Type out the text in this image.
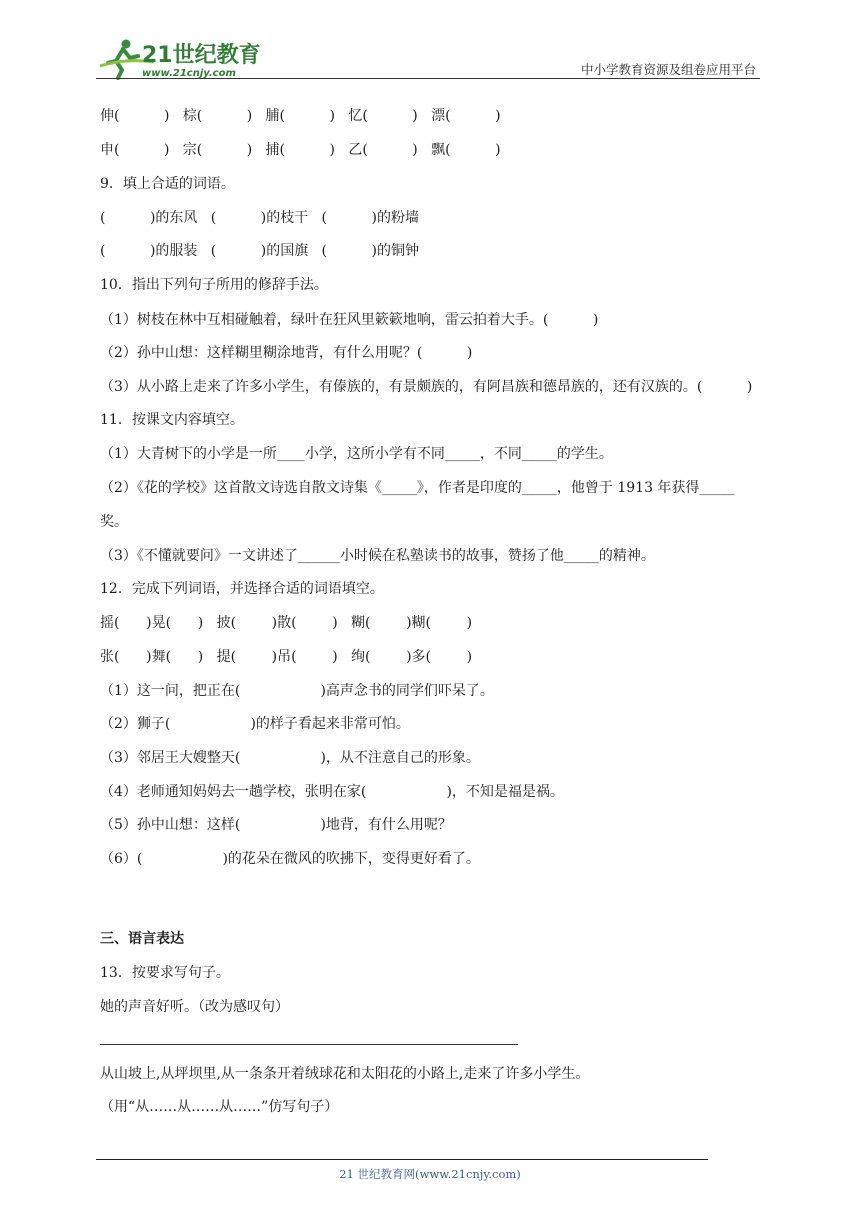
21世纪教育
www.21cnjy.com	中小学教育资源及组卷应用平台
伸(          )   棕(          )   脯(          )   忆(          )   漂(          )
申(          )   宗(          )   捕(          )   乙(          )   飘(          )
9．填上合适的词语。
(          )的东风   (          )的枝干   (          )的粉墙
(          )的服装   (          )的国旗   (          )的铜钟
10．指出下列句子所用的修辞手法。
（1）树枝在林中互相碰触着，绿叶在狂风里簌簌地响，雷云拍着大手。(          )
（2）孙中山想：这样糊里糊涂地背，有什么用呢？(          )
（3）从小路上走来了许多小学生，有傣族的，有景颇族的，有阿昌族和德昂族的，还有汉族的。(          )
11．按课文内容填空。
（1）大青树下的小学是一所____小学，这所小学有不同_____，不同_____的学生。
（2）《花的学校》这首散文诗选自散文诗集《_____》，作者是印度的_____，他曾于 1913 年获得_____
奖。
（3）《不懂就要问》一文讲述了______小时候在私塾读书的故事，赞扬了他_____的精神。
12．完成下列词语，并选择合适的词语填空。
摇(      )晃(      )   披(        )散(        )   糊(        )糊(        )
张(      )舞(      )   提(        )吊(        )   绚(        )多(        )
（1）这一问，把正在(                  )高声念书的同学们吓呆了。
（2）狮子(                  )的样子看起来非常可怕。
（3）邻居王大嫂整天(                  )，从不注意自己的形象。
（4）老师通知妈妈去一趟学校，张明在家(                  )，不知是福是祸。
（5）孙中山想：这样(                  )地背，有什么用呢？
（6）(                  )的花朵在微风的吹拂下，变得更好看了。
三、语言表达
13．按要求写句子。
她的声音好听。（改为感叹句）
从山坡上,从坪坝里,从一条条开着绒球花和太阳花的小路上,走来了许多小学生。
（用“从……从……从……”仿写句子）
21 世纪教育网(www.21cnjy.com)
